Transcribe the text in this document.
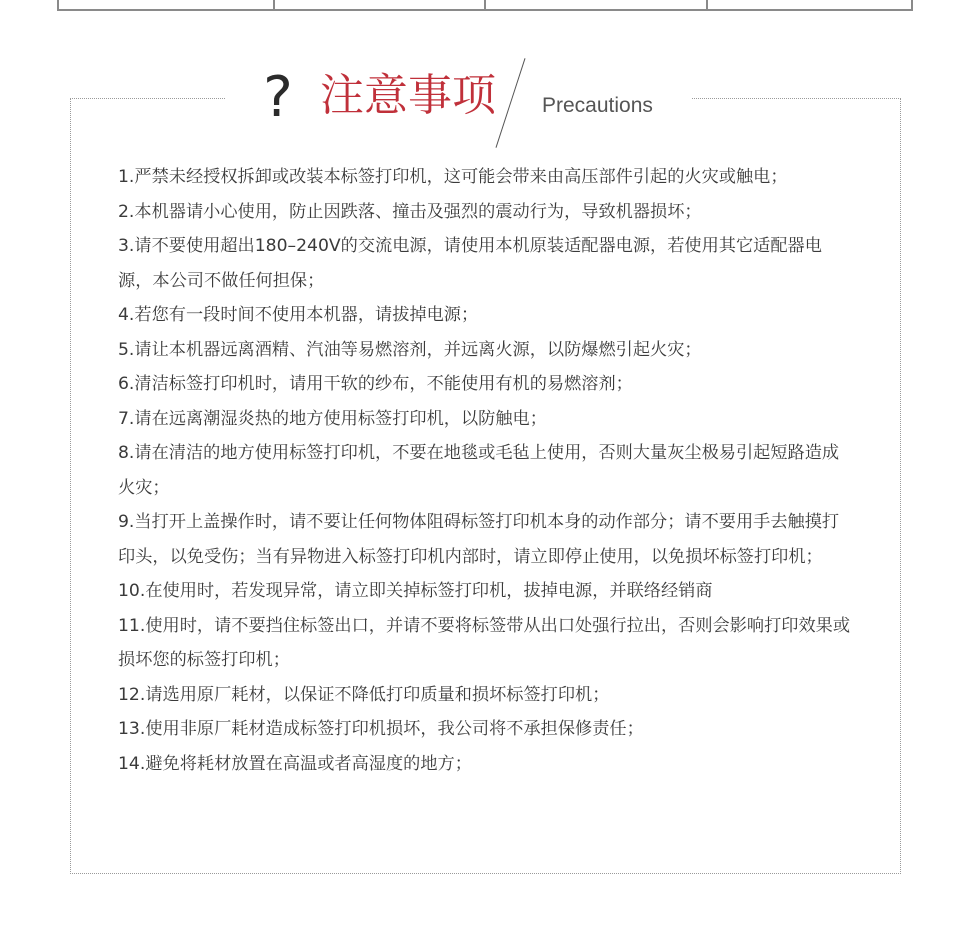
? 注意事项 Precautions

1.严禁未经授权拆卸或改装本标签打印机，这可能会带来由高压部件引起的火灾或触电；

2.本机器请小心使用，防止因跌落、撞击及强烈的震动行为，导致机器损坏；

3.请不要使用超出180–240V的交流电源，请使用本机原装适配器电源，若使用其它适配器电源，本公司不做任何担保；

4.若您有一段时间不使用本机器，请拔掉电源；

5.请让本机器远离酒精、汽油等易燃溶剂，并远离火源，以防爆燃引起火灾；

6.清洁标签打印机时，请用干软的纱布，不能使用有机的易燃溶剂；

7.请在远离潮湿炎热的地方使用标签打印机，以防触电；

8.请在清洁的地方使用标签打印机，不要在地毯或毛毡上使用，否则大量灰尘极易引起短路造成火灾；

9.当打开上盖操作时，请不要让任何物体阻碍标签打印机本身的动作部分；请不要用手去触摸打印头，以免受伤；当有异物进入标签打印机内部时，请立即停止使用，以免损坏标签打印机；

10.在使用时，若发现异常，请立即关掉标签打印机，拔掉电源，并联络经销商

11.使用时，请不要挡住标签出口，并请不要将标签带从出口处强行拉出，否则会影响打印效果或损坏您的标签打印机；

12.请选用原厂耗材，以保证不降低打印质量和损坏标签打印机；

13.使用非原厂耗材造成标签打印机损坏，我公司将不承担保修责任；

14.避免将耗材放置在高温或者高湿度的地方；
